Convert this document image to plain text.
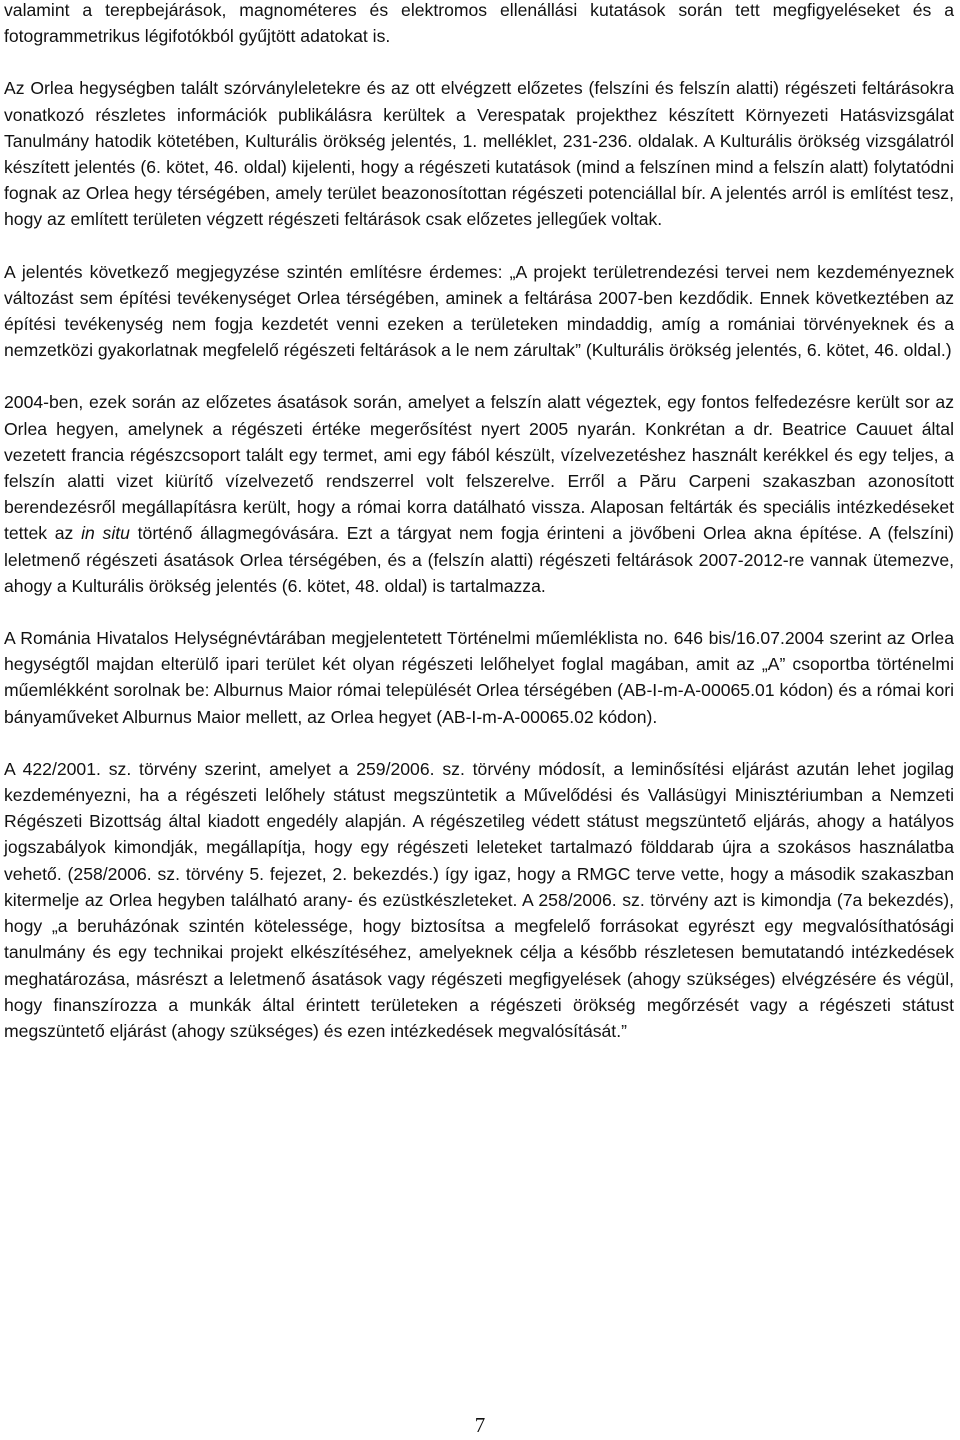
valamint a terepbejárások, magnométeres és elektromos ellenállási kutatások során tett megfigyeléseket és a fotogrammetrikus légifotókból gyűjtött adatokat is.

Az Orlea hegységben talált szórványleletekre és az ott elvégzett előzetes (felszíni és felszín alatti) régészeti feltárásokra vonatkozó részletes információk publikálásra kerültek a Verespatak projekthez készített Környezeti Hatásvizsgálat Tanulmány hatodik kötetében, Kulturális örökség jelentés, 1. melléklet, 231-236. oldalak. A Kulturális örökség vizsgálatról készített jelentés (6. kötet, 46. oldal) kijelenti, hogy a régészeti kutatások (mind a felszínen mind a felszín alatt) folytatódni fognak az Orlea hegy térségében, amely terület beazonosítottan régészeti potenciállal bír. A jelentés arról is említést tesz, hogy az említett területen végzett régészeti feltárások csak előzetes jellegűek voltak.

A jelentés következő megjegyzése szintén említésre érdemes: „A projekt területrendezési tervei nem kezdeményeznek változást sem építési tevékenységet Orlea térségében, aminek a feltárása 2007-ben kezdődik. Ennek következtében az építési tevékenység nem fogja kezdetét venni ezeken a területeken mindaddig, amíg a romániai törvényeknek és a nemzetközi gyakorlatnak megfelelő régészeti feltárások a le nem zárultak” (Kulturális örökség jelentés, 6. kötet, 46. oldal.)

2004-ben, ezek során az előzetes ásatások során, amelyet a felszín alatt végeztek, egy fontos felfedezésre került sor az Orlea hegyen, amelynek a régészeti értéke megerősítést nyert 2005 nyarán. Konkrétan a dr. Beatrice Cauuet által vezetett francia régészcsoport talált egy termet, ami egy fából készült, vízelvezetéshez használt kerékkel és egy teljes, a felszín alatti vizet kiürítő vízelvezető rendszerrel volt felszerelve. Erről a Păru Carpeni szakaszban azonosított berendezésről megállapításra került, hogy a római korra datálható vissza. Alaposan feltárták és speciális intézkedéseket tettek az in situ történő állagmegóvására. Ezt a tárgyat nem fogja érinteni a jövőbeni Orlea akna építése. A (felszíni) leletmenő régészeti ásatások Orlea térségében, és a (felszín alatti) régészeti feltárások 2007-2012-re vannak ütemezve, ahogy a Kulturális örökség jelentés (6. kötet, 48. oldal) is tartalmazza.

A Románia Hivatalos Helységnévtárában megjelentetett Történelmi műemléklista no. 646 bis/16.07.2004 szerint az Orlea hegységtől majdan elterülő ipari terület két olyan régészeti lelőhelyet foglal magában, amit az „A” csoportba történelmi műemlékként sorolnak be: Alburnus Maior római települését Orlea térségében (AB-I-m-A-00065.01 kódon) és a római kori bányaműveket Alburnus Maior mellett, az Orlea hegyet (AB-I-m-A-00065.02 kódon).

A 422/2001. sz. törvény szerint, amelyet a 259/2006. sz. törvény módosít, a leminősítési eljárást azután lehet jogilag kezdeményezni, ha a régészeti lelőhely státust megszüntetik a Művelődési és Vallásügyi Minisztériumban a Nemzeti Régészeti Bizottság által kiadott engedély alapján. A régészetileg védett státust megszüntető eljárás, ahogy a hatályos jogszabályok kimondják, megállapítja, hogy egy régészeti leleteket tartalmazó földdarab újra a szokásos használatba vehető. (258/2006. sz. törvény 5. fejezet, 2. bekezdés.) így igaz, hogy a RMGC terve vette, hogy a második szakaszban kitermelje az Orlea hegyben található arany- és ezüstkészleteket. A 258/2006. sz. törvény azt is kimondja (7a bekezdés), hogy „a beruházónak szintén kötelessége, hogy biztosítsa a megfelelő forrásokat egyrészt egy megvalósíthatósági tanulmány és egy technikai projekt elkészítéséhez, amelyeknek célja a később részletesen bemutatandó intézkedések meghatározása, másrészt a leletmenő ásatások vagy régészeti megfigyelések (ahogy szükséges) elvégzésére és végül, hogy finanszírozza a munkák által érintett területeken a régészeti örökség megőrzését vagy a régészeti státust megszüntető eljárást (ahogy szükséges) és ezen intézkedések megvalósítását.”

7
